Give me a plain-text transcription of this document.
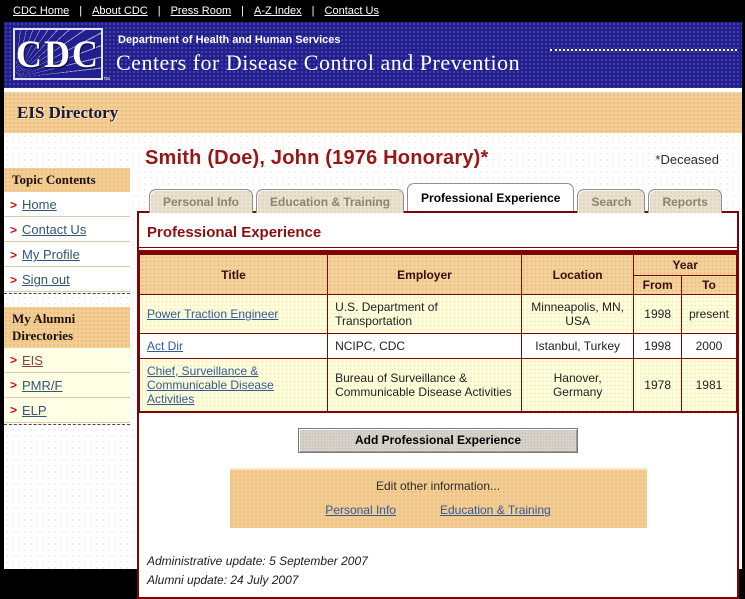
CDC Home | About CDC | Press Room | A-Z Index | Contact Us
CDC
™
Department of Health and Human Services
Centers for Disease Control and Prevention
EIS Directory
Topic Contents
> Home
> Contact Us
> My Profile
> Sign out
My Alumni Directories
> EIS
> PMR/F
> ELP
Smith (Doe), John (1976 Honorary)*	*Deceased
Personal Info	Education & Training	Professional Experience	Search	Reports
Professional Experience
Title	Employer	Location	Year	
			From	To
Power Traction Engineer	U.S. Department of Transportation	Minneapolis, MN, USA	1998	present
Act Dir	NCIPC, CDC	Istanbul, Turkey	1998	2000
Chief, Surveillance & Communicable Disease Activities	Bureau of Surveillance & Communicable Disease Activities	Hanover, Germany	1978	1981
Add Professional Experience
Edit other information...
Personal Info	Education & Training
Administrative update: 5 September 2007
Alumni update: 24 July 2007
